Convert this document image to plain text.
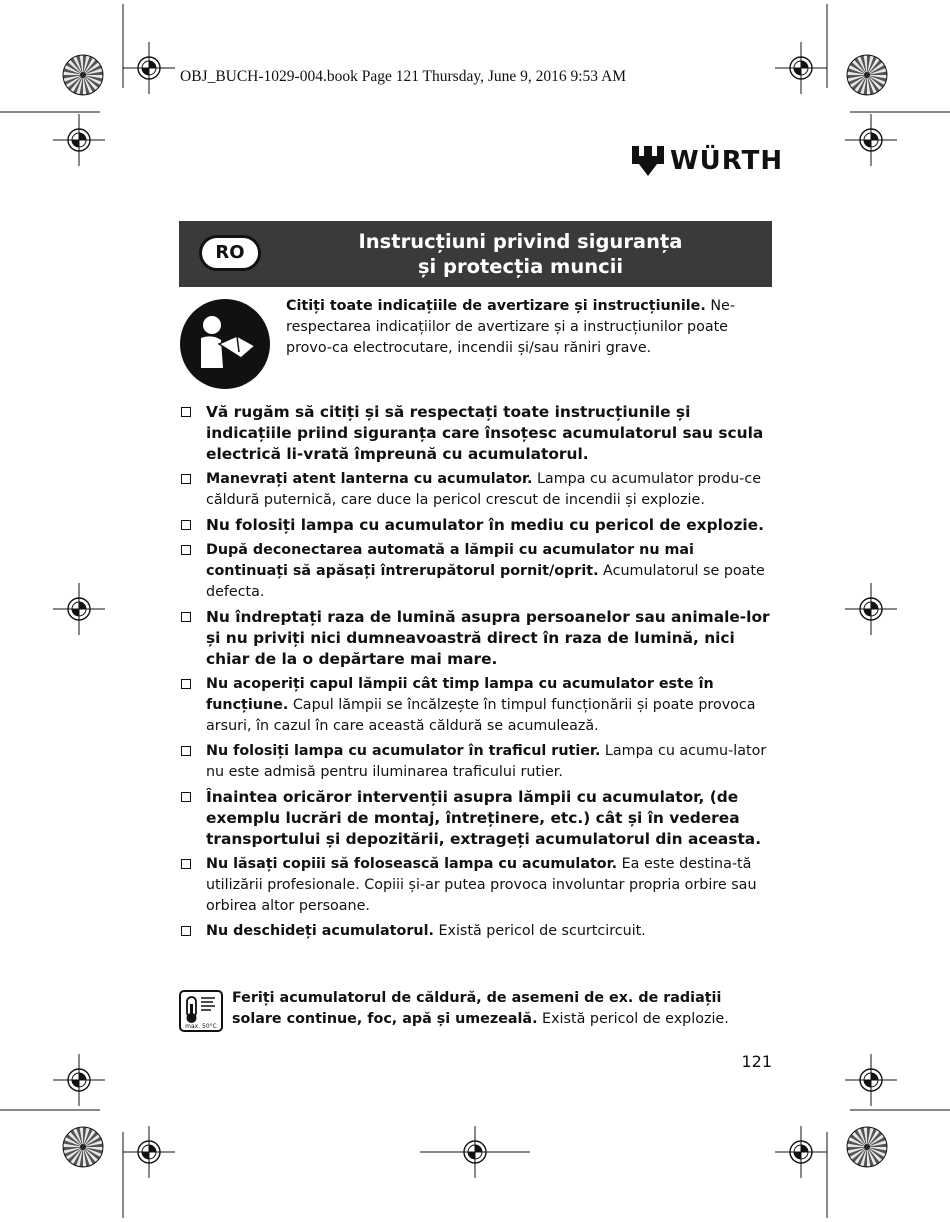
OBJ_BUCH-1029-004.book Page 121 Thursday, June 9, 2016 9:53 AM
WÜRTH
RO	Instrucțiuni privind siguranța
și protecția muncii
Citiți toate indicațiile de avertizare și instrucțiunile. Ne-respectarea indicațiilor de avertizare și a instrucțiunilor poate provo-ca electrocutare, incendii și/sau răniri grave.
Vă rugăm să citiți și să respectați toate instrucțiunile și indicațiile priind siguranța care însoțesc acumulatorul sau scula electrică li-vrată împreună cu acumulatorul.
Manevrați atent lanterna cu acumulator. Lampa cu acumulator produ-ce căldură puternică, care duce la pericol crescut de incendii și explozie.
Nu folosiți lampa cu acumulator în mediu cu pericol de explozie.
După deconectarea automată a lămpii cu acumulator nu mai continuați să apăsați întrerupătorul pornit/oprit. Acumulatorul se poate defecta.
Nu îndreptați raza de lumină asupra persoanelor sau animale-lor și nu priviți nici dumneavoastră direct în raza de lumină, nici chiar de la o depărtare mai mare.
Nu acoperiți capul lămpii cât timp lampa cu acumulator este în funcțiune. Capul lămpii se încălzește în timpul funcționării și poate provoca arsuri, în cazul în care această căldură se acumulează.
Nu folosiți lampa cu acumulator în traficul rutier. Lampa cu acumu-lator nu este admisă pentru iluminarea traficului rutier.
Înaintea oricăror intervenții asupra lămpii cu acumulator, (de exemplu lucrări de montaj, întreținere, etc.) cât și în vederea transportului și depozitării, extrageți acumulatorul din aceasta.
Nu lăsați copiii să folosească lampa cu acumulator. Ea este destina-tă utilizării profesionale. Copiii și-ar putea provoca involuntar propria orbire sau orbirea altor persoane.
Nu deschideți acumulatorul. Există pericol de scurtcircuit.
max. 50°C
Feriți acumulatorul de căldură, de asemeni de ex. de radiații solare continue, foc, apă și umezeală. Există pericol de explozie.
121
